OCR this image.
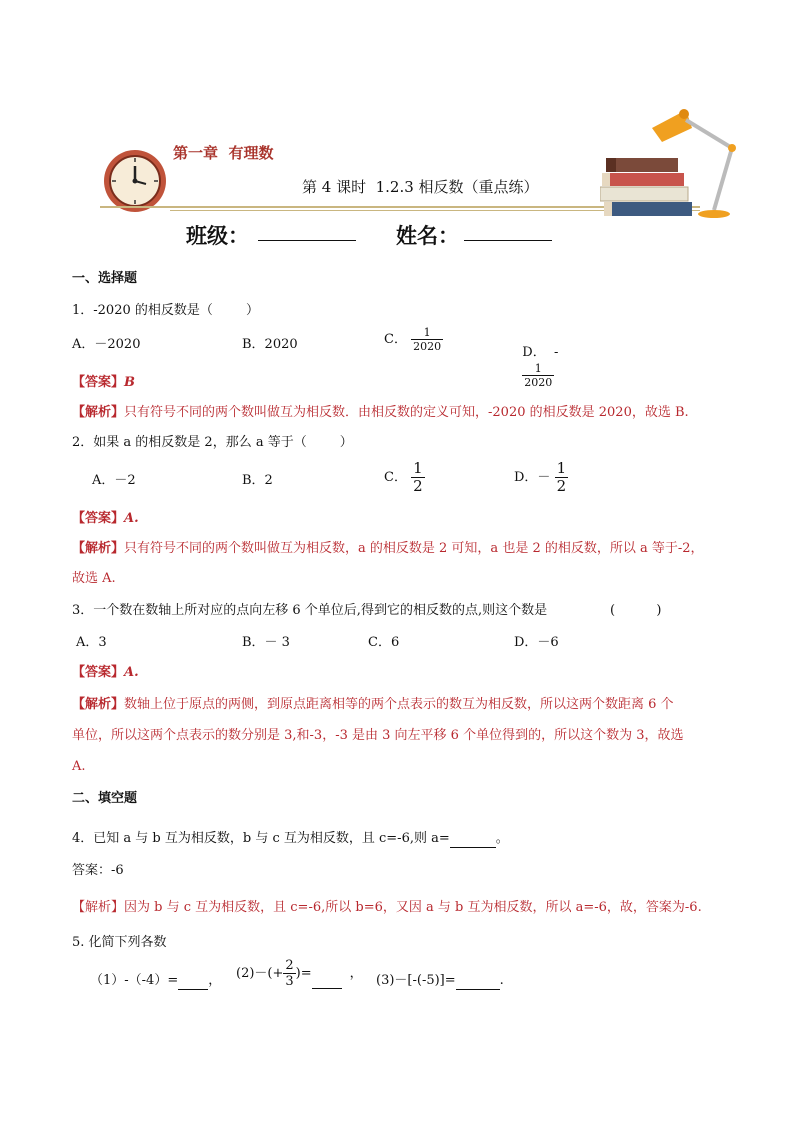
第一章  有理数
第 4 课时  1.2.3 相反数（重点练）
班级：	姓名：
一、选择题
1．-2020 的相反数是（        ）
A．－2020	B．2020	C． $\frac{1}{2020}$	D．  -

$\frac{1}{2020}$

【答案】B
【解析】只有符号不同的两个数叫做互为相反数．由相反数的定义可知，-2020 的相反数是 2020，故选 B.
2．如果 a 的相反数是 2，那么 a 等于（        ）
A．－2	B．2	C． $\frac{1}{2}$	D．－ $\frac{1}{2}$
【答案】A.
【解析】只有符号不同的两个数叫做互为相反数，a 的相反数是 2 可知，a 也是 2 的相反数，所以 a 等于-2，
故选 A.
3．一个数在数轴上所对应的点向左移 6 个单位后,得到它的相反数的点,则这个数是	(          )
A．3	B．－ 3	C．6	D．－6
【答案】A.
【解析】数轴上位于原点的两侧，到原点距离相等的两个点表示的数互为相反数，所以这两个数距离 6 个
单位，所以这两个点表示的数分别是 3,和-3，-3 是由 3 向左平移 6 个单位得到的，所以这个数为 3，故选
A.
二、填空题
4．已知 a 与 b 互为相反数，b 与 c 互为相反数，且 c=-6,则 a=	。
答案：-6
【解析】因为 b 与 c 互为相反数，且 c=-6,所以 b=6，又因 a 与 b 互为相反数，所以 a=-6，故，答案为-6.
5. 化简下列各数
（1）-（-4）= ， $(2)-(+ \frac{2}{3}$ )=	， (3)－[-(-5)]=	.
